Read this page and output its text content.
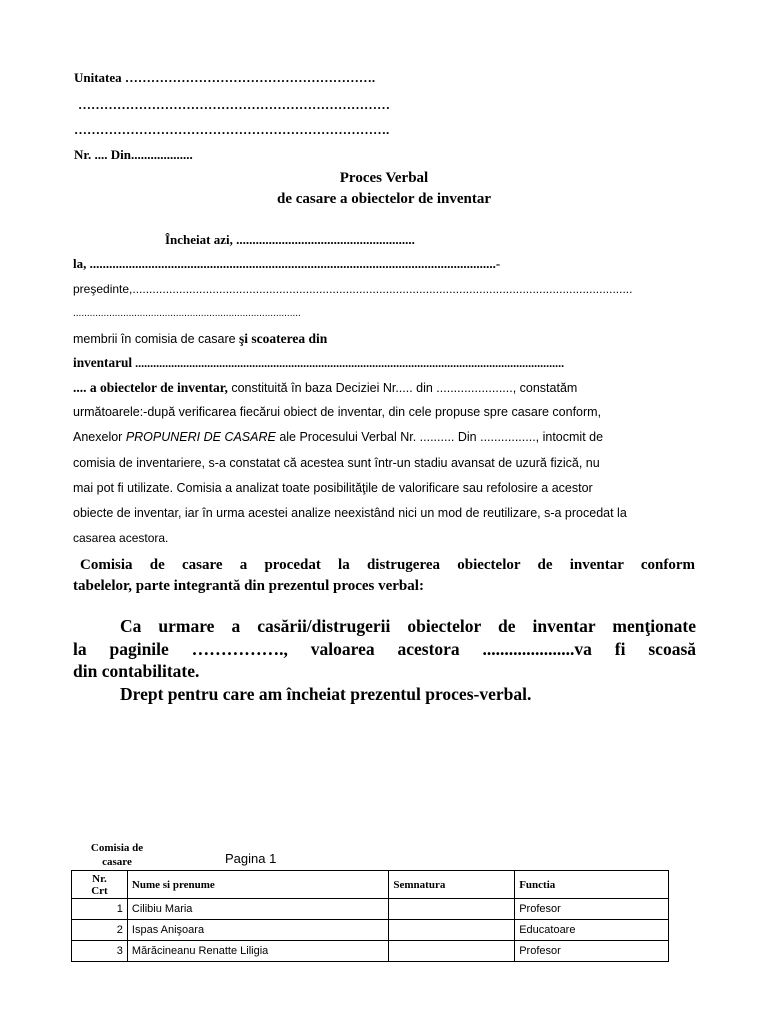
Unitatea ………………………………………………….
………………………………………………………………
……………………………………………………………….
Nr. .... Din...................
Proces Verbal
de casare a obiectelor de inventar
Încheiat azi, .......................................................
la, .............................................................................................................................-
preşedinte,......................................................................................................................................................
..................................................................................
membrii în comisia de casare şi scoaterea din
inventarul ...............................................................................................................................................
.... a obiectelor de inventar, constituită în baza Deciziei Nr..... din ......................, constatăm
următoarele:-după verificarea fiecărui obiect de inventar, din cele propuse spre casare conform,
Anexelor PROPUNERI DE CASARE ale Procesului Verbal Nr. .......... Din ................, intocmit de
comisia de inventariere, s-a constatat că acestea sunt într-un stadiu avansat de uzură fizică, nu
mai pot fi utilizate. Comisia a analizat toate posibilităţile de valorificare sau refolosire a acestor
obiecte de inventar, iar în urma acestei analize neexistând nici un mod de reutilizare, s-a procedat la
casarea acestora.
Comisia de casare a procedat la distrugerea obiectelor de inventar conform
tabelelor, parte integrantă din prezentul proces verbal:
Ca urmare a casării/distrugerii obiectelor de inventar menţionate
la paginile ……………., valoarea acestora .....................va fi scoasă
din contabilitate.
Drept pentru care am încheiat prezentul proces-verbal.
Comisia de
casare	Pagina 1
Nr.
Crt	Nume si prenume	Semnatura	Functia
1	Cilibiu Maria		Profesor
2	Ispas Anişoara		Educatoare
3	Mărăcineanu Renatte Liligia		Profesor
